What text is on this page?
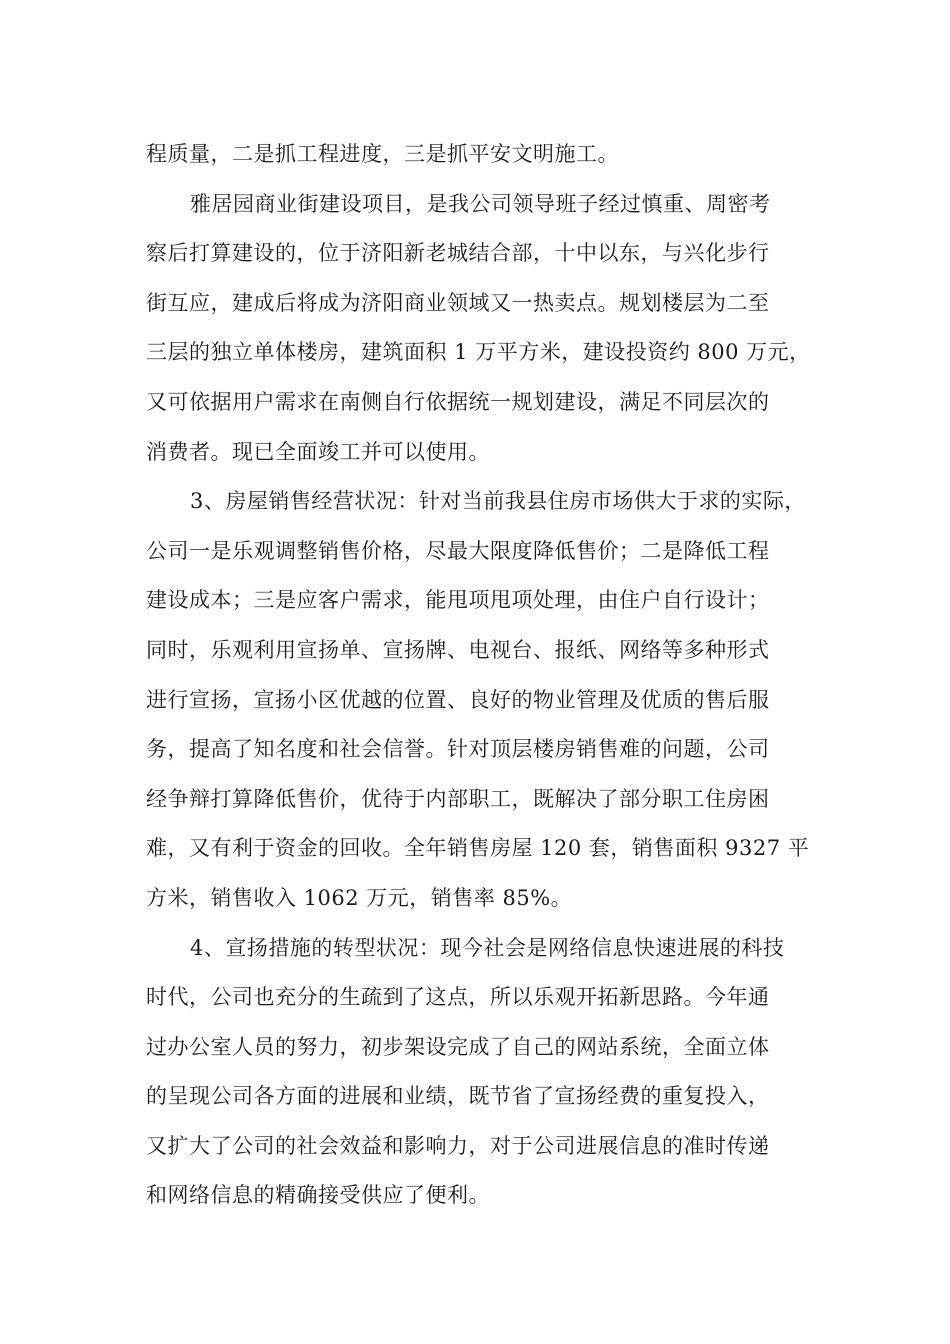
程质量，二是抓工程进度，三是抓平安文明施工。
雅居园商业街建设项目，是我公司领导班子经过慎重、周密考
察后打算建设的，位于济阳新老城结合部，十中以东，与兴化步行
街互应，建成后将成为济阳商业领域又一热卖点。规划楼层为二至
三层的独立单体楼房，建筑面积 1 万平方米，建设投资约 800 万元，
又可依据用户需求在南侧自行依据统一规划建设，满足不同层次的
消费者。现已全面竣工并可以使用。
3、房屋销售经营状况：针对当前我县住房市场供大于求的实际，
公司一是乐观调整销售价格，尽最大限度降低售价；二是降低工程
建设成本；三是应客户需求，能甩项甩项处理，由住户自行设计；
同时，乐观利用宣扬单、宣扬牌、电视台、报纸、网络等多种形式
进行宣扬，宣扬小区优越的位置、良好的物业管理及优质的售后服
务，提高了知名度和社会信誉。针对顶层楼房销售难的问题，公司
经争辩打算降低售价，优待于内部职工，既解决了部分职工住房困
难，又有利于资金的回收。全年销售房屋 120 套，销售面积 9327 平
方米，销售收入 1062 万元，销售率 85%。
4、宣扬措施的转型状况：现今社会是网络信息快速进展的科技
时代，公司也充分的生疏到了这点，所以乐观开拓新思路。今年通
过办公室人员的努力，初步架设完成了自己的网站系统，全面立体
的呈现公司各方面的进展和业绩，既节省了宣扬经费的重复投入，
又扩大了公司的社会效益和影响力，对于公司进展信息的准时传递
和网络信息的精确接受供应了便利。
